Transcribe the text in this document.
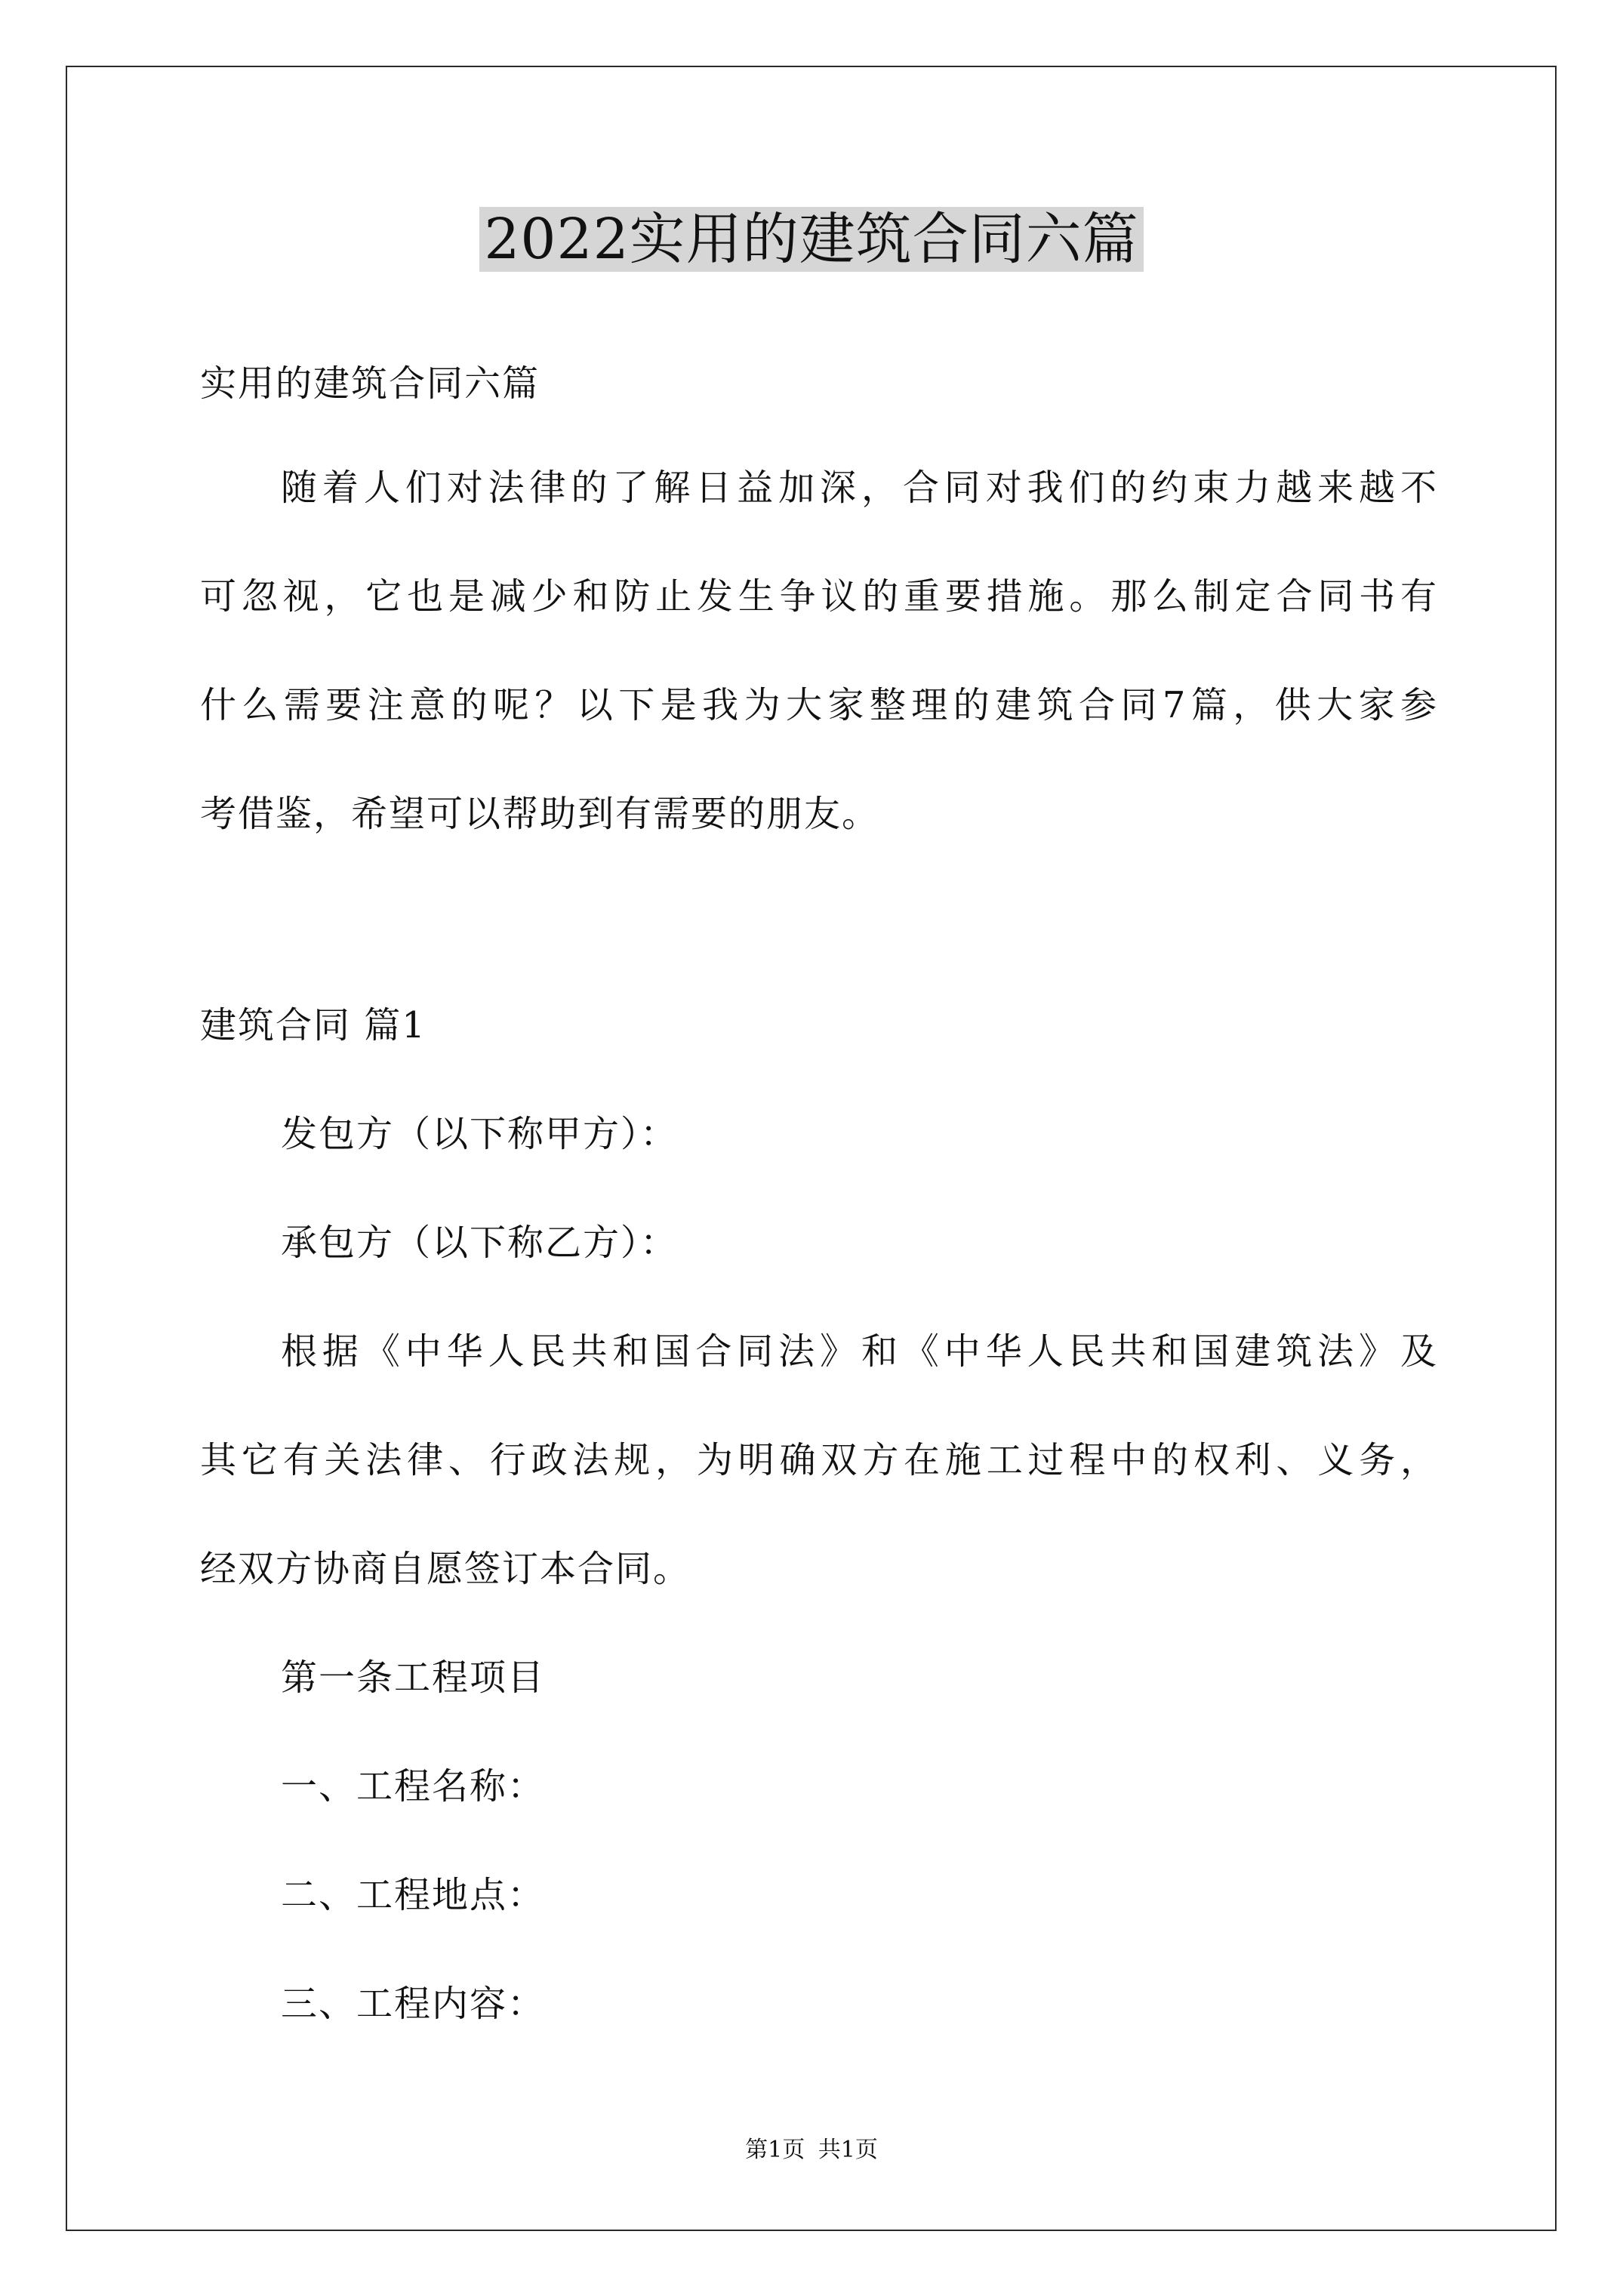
2022实用的建筑合同六篇
实用的建筑合同六篇
随着人们对法律的了解日益加深，合同对我们的约束力越来越不
可忽视，它也是减少和防止发生争议的重要措施。那么制定合同书有
什么需要注意的呢？以下是我为大家整理的建筑合同7篇，供大家参
考借鉴，希望可以帮助到有需要的朋友。
建筑合同 篇1
发包方（以下称甲方）：
承包方（以下称乙方）：
根据《中华人民共和国合同法》和《中华人民共和国建筑法》及
其它有关法律、行政法规，为明确双方在施工过程中的权利、义务，
经双方协商自愿签订本合同。
第一条工程项目
一、工程名称：
二、工程地点：
三、工程内容：
第1页 共1页
